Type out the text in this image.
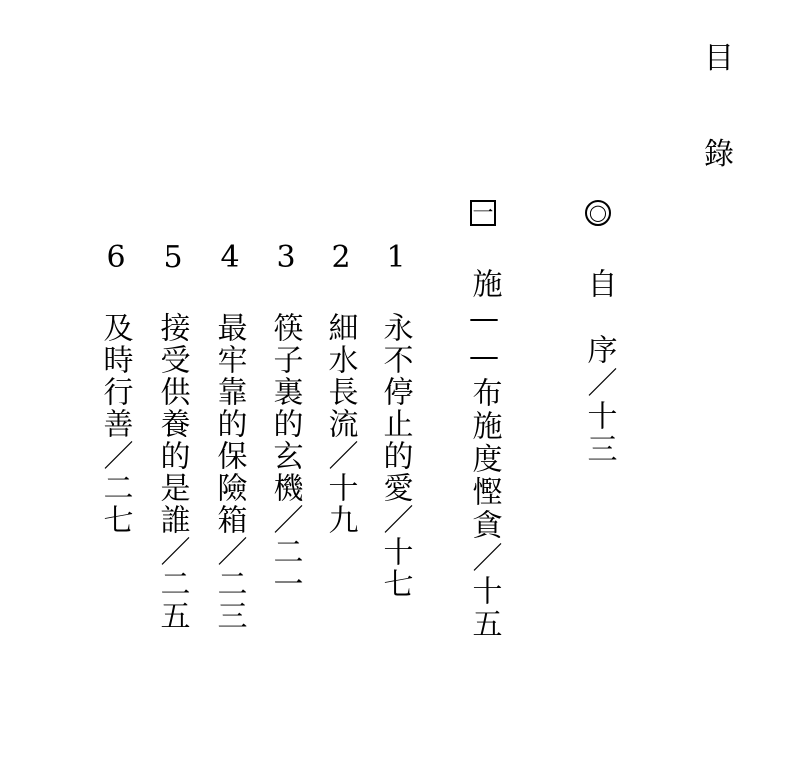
目
錄
◯
自　序／十三
一
施——布施度慳貪／十五
1
永不停止的愛／十七
2
細水長流／十九
3
筷子裏的玄機／二一
4
最牢靠的保險箱／二三
5
接受供養的是誰／二五
6
及時行善／二七
